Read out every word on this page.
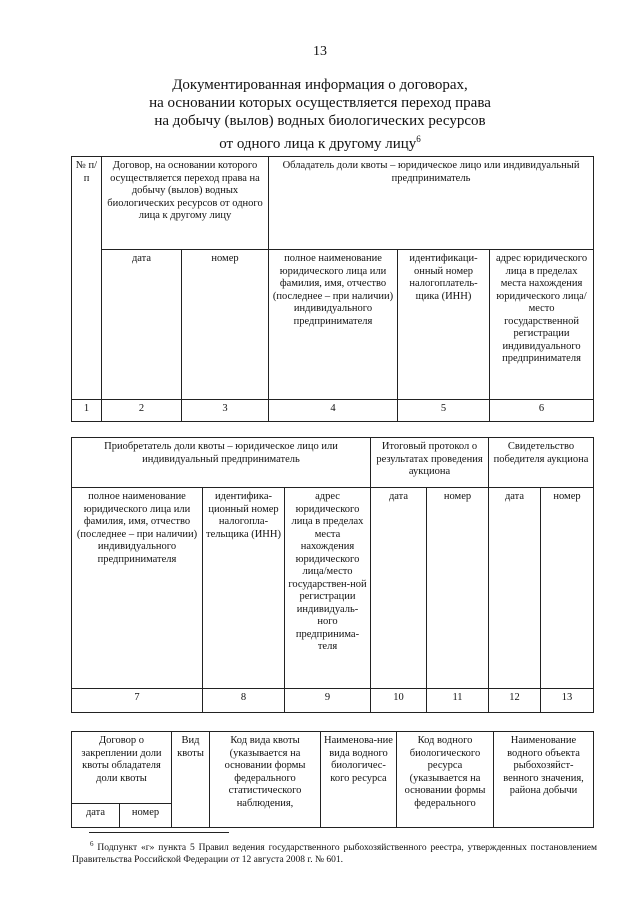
13
Документированная информация о договорах,
на основании которых осуществляется переход права
на добычу (вылов) водных биологических ресурсов
от одного лица к другому лицу$^6$
№ п/п	Договор, на основании которого осуществляется переход права на добычу (вылов) водных биологических ресурсов от одного лица к другому лицу		Обладатель доли квоты – юридическое лицо или индивидуальный предприниматель		
	дата	номер	полное наименование юридического лица или фамилия, имя, отчество (последнее – при наличии) индивидуального предпринимателя	идентификаци-онный номер налогоплатель-щика (ИНН)	адрес юридического лица в пределах места нахождения юридического лица/место государственной регистрации индивидуального предпринимателя
1	2	3	4	5	6
Приобретатель доли квоты – юридическое лицо или индивидуальный предприниматель			Итоговый протокол о результатах проведения аукциона		Свидетельство победителя аукциона	
полное наименование юридического лица или фамилия, имя, отчество (последнее – при наличии) индивидуального предпринимателя	идентифика-ционный номер налогопла-тельщика (ИНН)	адрес юридического лица в пределах места нахождения юридического лица/место государствен-ной регистрации индивидуаль-ного предпринима-теля	дата	номер	дата	номер
7	8	9	10	11	12	13
Договор о закреплении доли квоты обладателя доли квоты		Вид квоты	Код вида квоты (указывается на основании формы федерального статистического наблюдения,	Наименова-ние вида водного биологичес-кого ресурса	Код водного биологического ресурса (указывается на основании формы федерального	Наименование водного объекта рыбохозяйст-венного значения, района добычи
дата	номер					
$^6$ Подпункт «г» пункта 5 Правил ведения государственного рыбохозяйственного реестра, утвержденных постановлением Правительства Российской Федерации от 12 августа 2008 г. № 601.
